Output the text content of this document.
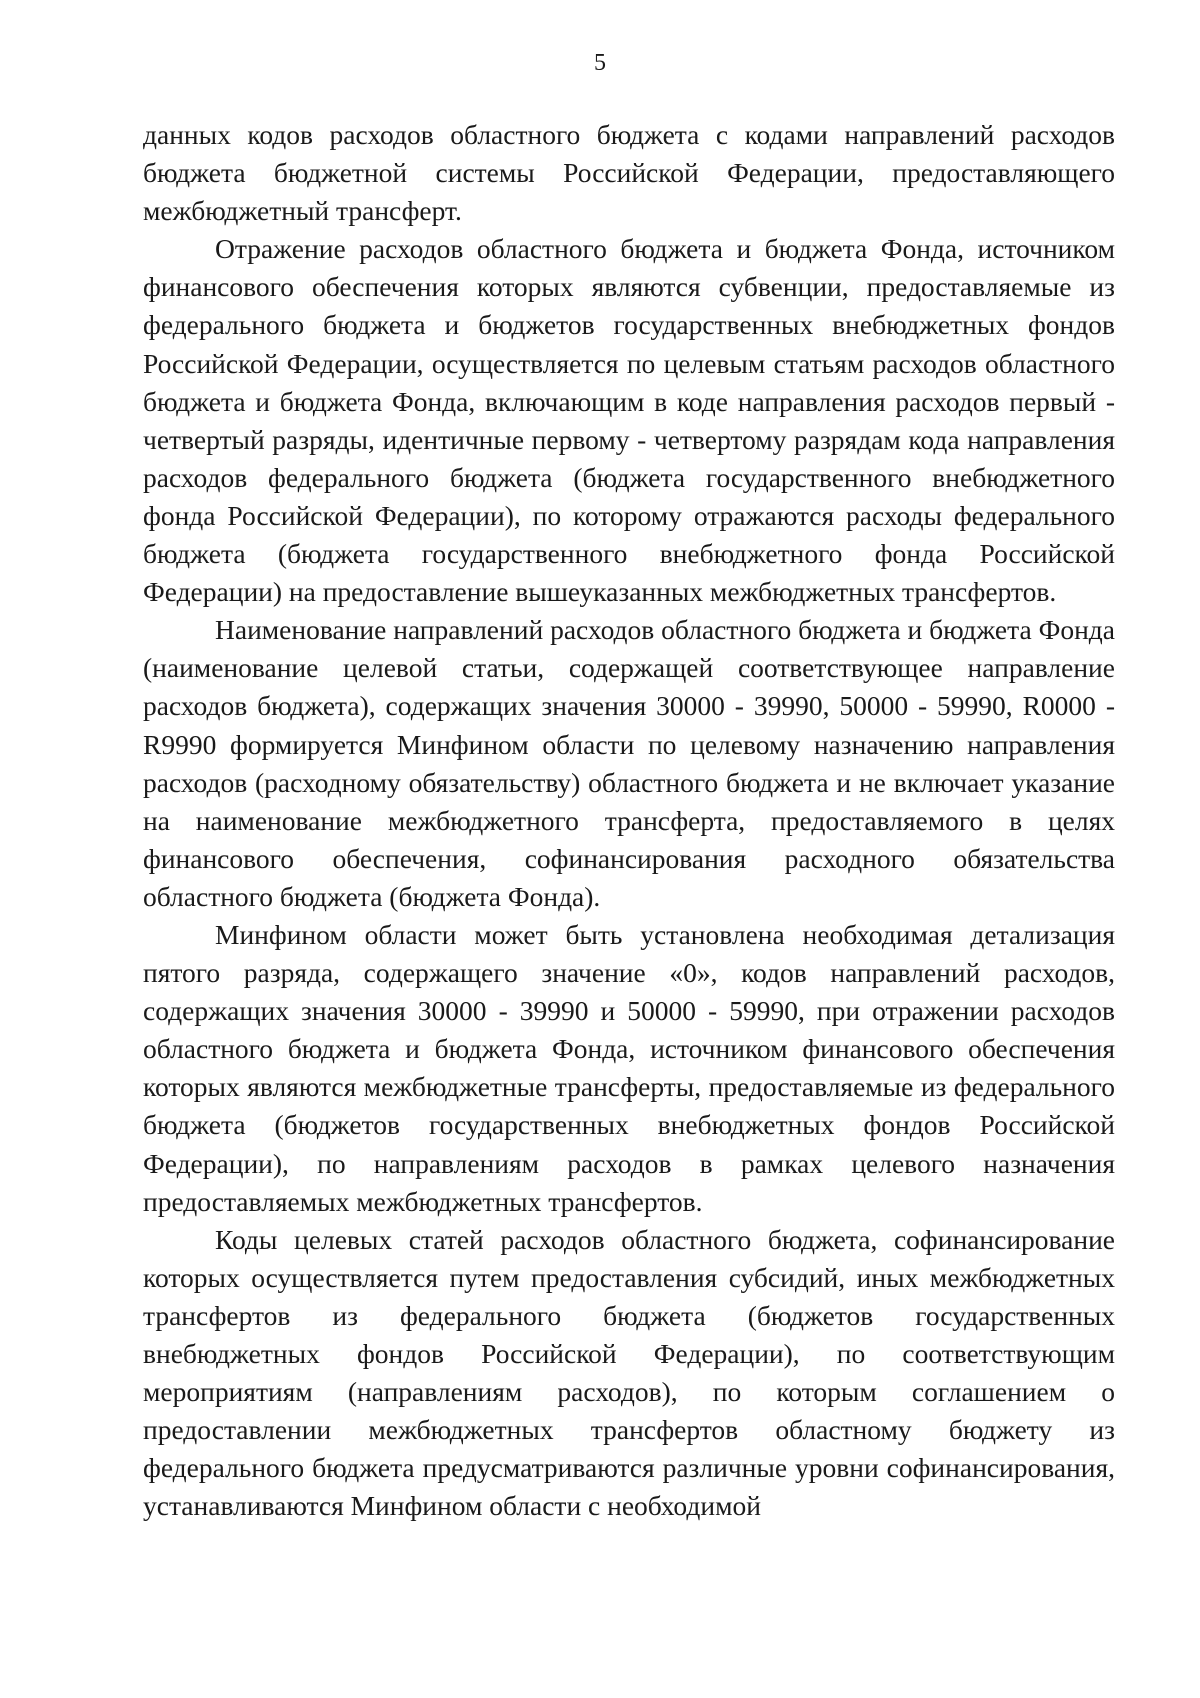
5

данных кодов расходов областного бюджета с кодами направлений расходов бюджета бюджетной системы Российской Федерации, предоставляющего межбюджетный трансферт.

Отражение расходов областного бюджета и бюджета Фонда, источником финансового обеспечения которых являются субвенции, предоставляемые из федерального бюджета и бюджетов государственных внебюджетных фондов Российской Федерации, осуществляется по целевым статьям расходов областного бюджета и бюджета Фонда, включающим в коде направления расходов первый - четвертый разряды, идентичные первому - четвертому разрядам кода направления расходов федерального бюджета (бюджета государственного внебюджетного фонда Российской Федерации), по которому отражаются расходы федерального бюджета (бюджета государственного внебюджетного фонда Российской Федерации) на предоставление вышеуказанных межбюджетных трансфертов.

Наименование направлений расходов областного бюджета и бюджета Фонда (наименование целевой статьи, содержащей соответствующее направление расходов бюджета), содержащих значения 30000 - 39990, 50000 - 59990, R0000 - R9990 формируется Минфином области по целевому назначению направления расходов (расходному обязательству) областного бюджета и не включает указание на наименование межбюджетного трансферта, предоставляемого в целях финансового обеспечения, софинансирования расходного обязательства областного бюджета (бюджета Фонда).

Минфином области может быть установлена необходимая детализация пятого разряда, содержащего значение «0», кодов направлений расходов, содержащих значения 30000 - 39990 и 50000 - 59990, при отражении расходов областного бюджета и бюджета Фонда, источником финансового обеспечения которых являются межбюджетные трансферты, предоставляемые из федерального бюджета (бюджетов государственных внебюджетных фондов Российской Федерации), по направлениям расходов в рамках целевого назначения предоставляемых межбюджетных трансфертов.

Коды целевых статей расходов областного бюджета, софинансирование которых осуществляется путем предоставления субсидий, иных межбюджетных трансфертов из федерального бюджета (бюджетов государственных внебюджетных фондов Российской Федерации), по соответствующим мероприятиям (направлениям расходов), по которым соглашением о предоставлении межбюджетных трансфертов областному бюджету из федерального бюджета предусматриваются различные уровни софинансирования, устанавливаются Минфином области с необходимой
